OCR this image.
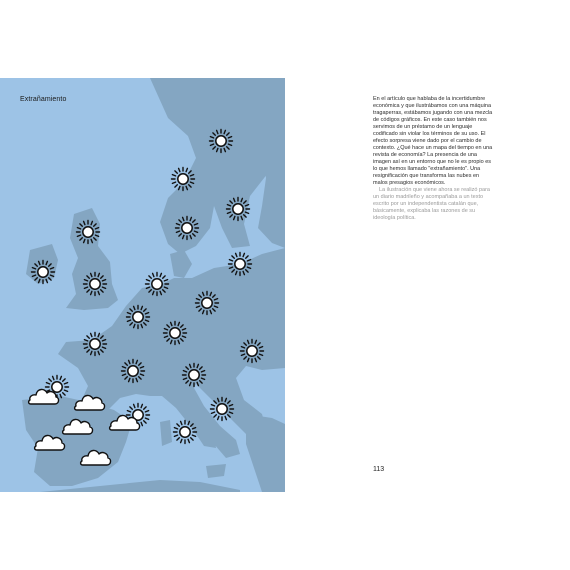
Extrañamiento	En el artículo que hablaba de la incertidumbre económica y que ilustrábamos con una máquina tragaperras, estábamos jugando con una mezcla de códigos gráficos. En este caso también nos servimos de un préstamo de un lenguaje codificado sin violar los términos de su uso. El efecto sorpresa viene dado por el cambio de contexto. ¿Qué hace un mapa del tiempo en una revista de economía? La presencia de una imagen así en un entorno que no le es propio es lo que hemos llamado "extrañamiento". Una resignificación que transforma las nubes en malos presagios económicos.

La ilustración que viene ahora se realizó para un diario madrileño y acompañaba a un texto escrito por un independentista catalán que, básicamente, explicaba las razones de su ideología política.

113
